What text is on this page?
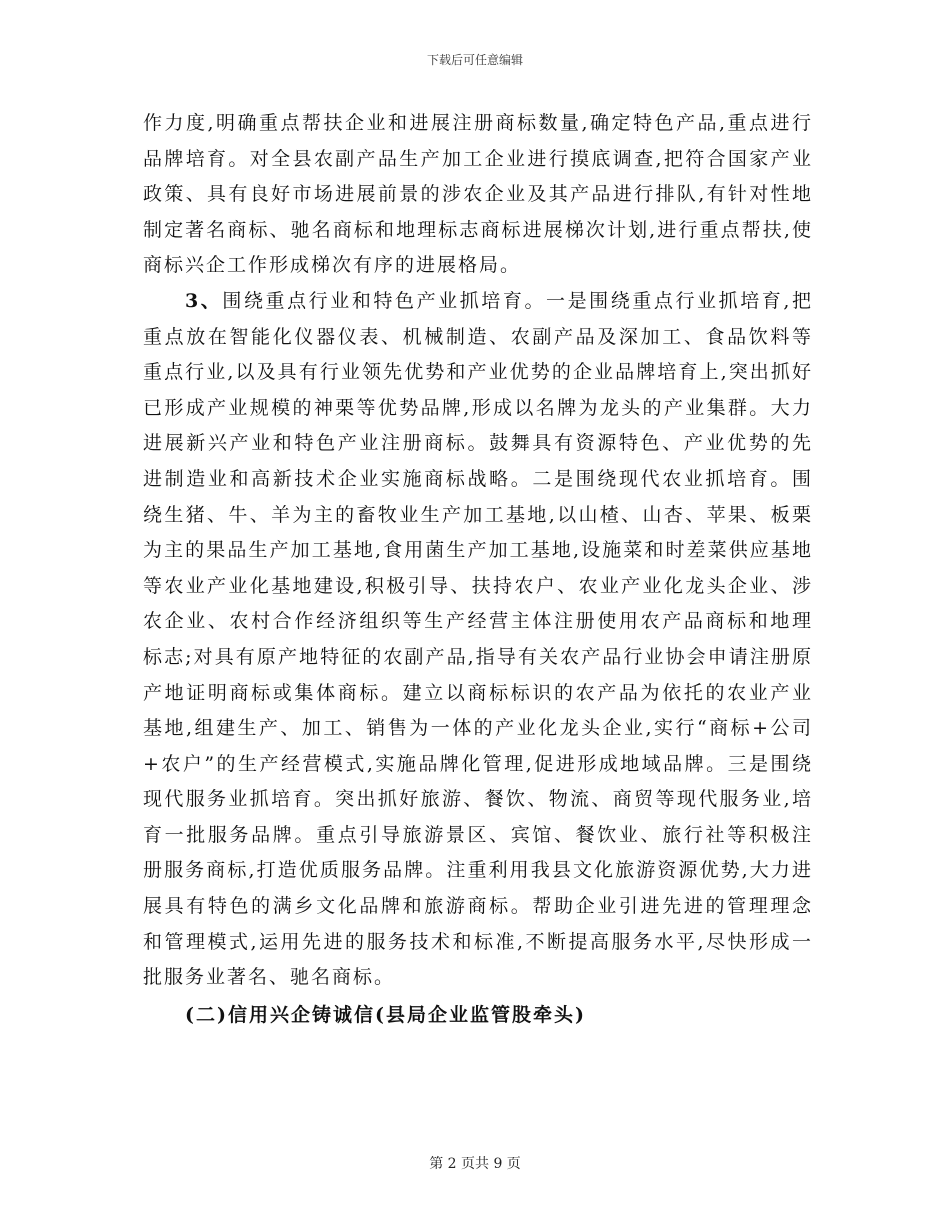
下载后可任意编辑

作力度,明确重点帮扶企业和进展注册商标数量,确定特色产品,重点进行品牌培育。对全县农副产品生产加工企业进行摸底调查,把符合国家产业政策、具有良好市场进展前景的涉农企业及其产品进行排队,有针对性地制定著名商标、驰名商标和地理标志商标进展梯次计划,进行重点帮扶,使商标兴企工作形成梯次有序的进展格局。

3、围绕重点行业和特色产业抓培育。一是围绕重点行业抓培育,把重点放在智能化仪器仪表、机械制造、农副产品及深加工、食品饮料等重点行业,以及具有行业领先优势和产业优势的企业品牌培育上,突出抓好已形成产业规模的神栗等优势品牌,形成以名牌为龙头的产业集群。大力进展新兴产业和特色产业注册商标。鼓舞具有资源特色、产业优势的先进制造业和高新技术企业实施商标战略。二是围绕现代农业抓培育。围绕生猪、牛、羊为主的畜牧业生产加工基地,以山楂、山杏、苹果、板栗为主的果品生产加工基地,食用菌生产加工基地,设施菜和时差菜供应基地等农业产业化基地建设,积极引导、扶持农户、农业产业化龙头企业、涉农企业、农村合作经济组织等生产经营主体注册使用农产品商标和地理标志;对具有原产地特征的农副产品,指导有关农产品行业协会申请注册原产地证明商标或集体商标。建立以商标标识的农产品为依托的农业产业基地,组建生产、加工、销售为一体的产业化龙头企业,实行“商标+公司+农户”的生产经营模式,实施品牌化管理,促进形成地域品牌。三是围绕现代服务业抓培育。突出抓好旅游、餐饮、物流、商贸等现代服务业,培育一批服务品牌。重点引导旅游景区、宾馆、餐饮业、旅行社等积极注册服务商标,打造优质服务品牌。注重利用我县文化旅游资源优势,大力进展具有特色的满乡文化品牌和旅游商标。帮助企业引进先进的管理理念和管理模式,运用先进的服务技术和标准,不断提高服务水平,尽快形成一批服务业著名、驰名商标。

(二)信用兴企铸诚信(县局企业监管股牵头)

第 2 页共 9 页
